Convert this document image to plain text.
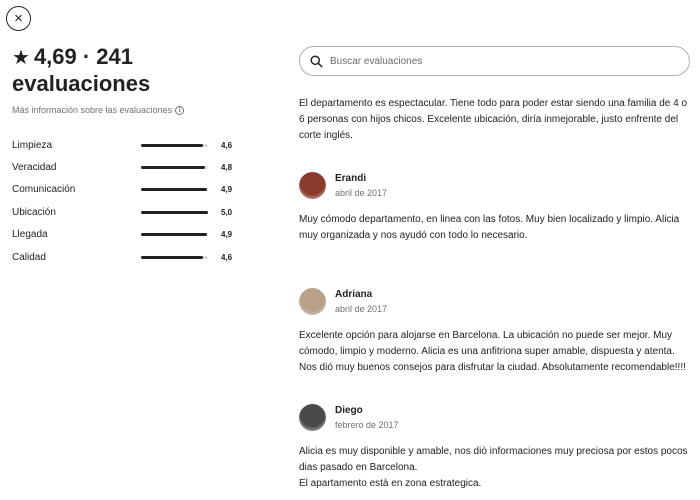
×
★ 4,69 · 241
evaluaciones
Más información sobre las evaluaciones	i
Limpieza	4,6
Veracidad	4,8
Comunicación	4,9
Ubicación	5,0
Llegada	4,9
Calidad	4,6
Buscar evaluaciones
El departamento es espectacular. Tiene todo para poder estar siendo una familia de 4 o 6 personas con hijos chicos. Excelente ubicación, diría inmejorable, justo enfrente del corte inglés.
Erandi
abril de 2017
Muy cómodo departamento, en linea con las fotos. Muy bien localizado y limpio. Alicia muy organizada y nos ayudó con todo lo necesario.
Adriana
abril de 2017
Excelente opción para alojarse en Barcelona. La ubicación no puede ser mejor. Muy cómodo, limpio y moderno. Alicia es una anfitriona super amable, dispuesta y atenta. Nos dió muy buenos consejos para disfrutar la ciudad. Absolutamente recomendable!!!!
Diego
febrero de 2017
Alicia es muy disponible y amable, nos diò informaciones muy preciosa por estos pocos dias pasado en Barcelona.
El apartamento està en zona estrategica.
